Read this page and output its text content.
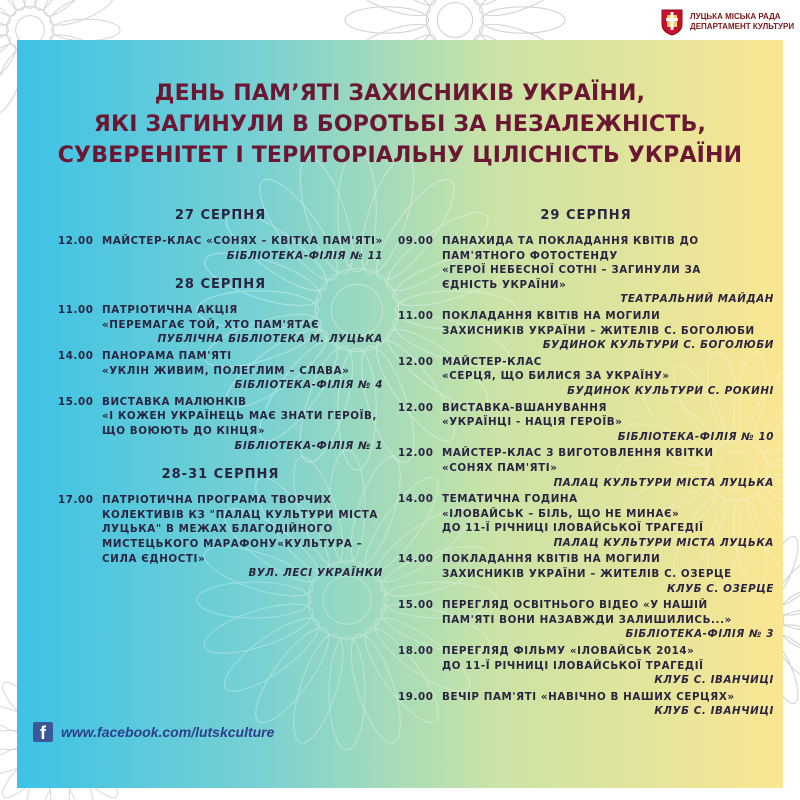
ЛУЦЬКА МІСЬКА РАДА
ДЕПАРТАМЕНТ КУЛЬТУРИ
ДЕНЬ ПАМ’ЯТІ ЗАХИСНИКІВ УКРАЇНИ,
ЯКІ ЗАГИНУЛИ В БОРОТЬБІ ЗА НЕЗАЛЕЖНІСТЬ,
СУВЕРЕНІТЕТ І ТЕРИТОРІАЛЬНУ ЦІЛІСНІСТЬ УКРАЇНИ
27 СЕРПНЯ
12.00 МАЙСТЕР-КЛАС «СОНЯХ – КВІТКА ПАМ'ЯТІ»
БІБЛІОТЕКА-ФІЛІЯ № 11
28 СЕРПНЯ
11.00 ПАТРІОТИЧНА АКЦІЯ
«ПЕРЕМАГАЄ ТОЙ, ХТО ПАМ'ЯТАЄ
ПУБЛІЧНА БІБЛІОТЕКА М. ЛУЦЬКА
14.00 ПАНОРАМА ПАМ'ЯТІ
«УКЛІН ЖИВИМ, ПОЛЕГЛИМ – СЛАВА»
БІБЛІОТЕКА-ФІЛІЯ № 4
15.00 ВИСТАВКА МАЛЮНКІВ
«І КОЖЕН УКРАЇНЕЦЬ МАЄ ЗНАТИ ГЕРОЇВ,
ЩО ВОЮЮТЬ ДО КІНЦЯ»
БІБЛІОТЕКА-ФІЛІЯ № 1
28-31 СЕРПНЯ
17.00 ПАТРІОТИЧНА ПРОГРАМА ТВОРЧИХ
КОЛЕКТИВІВ КЗ "ПАЛАЦ КУЛЬТУРИ МІСТА
ЛУЦЬКА" В МЕЖАХ БЛАГОДІЙНОГО
МИСТЕЦЬКОГО МАРАФОНУ«КУЛЬТУРА –
СИЛА ЄДНОСТІ»
ВУЛ. ЛЕСІ УКРАЇНКИ
29 СЕРПНЯ
09.00 ПАНАХИДА ТА ПОКЛАДАННЯ КВІТІВ ДО
ПАМ'ЯТНОГО ФОТОСТЕНДУ
«ГЕРОЇ НЕБЕСНОЇ СОТНІ – ЗАГИНУЛИ ЗА
ЄДНІСТЬ УКРАЇНИ»
ТЕАТРАЛЬНИЙ МАЙДАН
11.00 ПОКЛАДАННЯ КВІТІВ НА МОГИЛИ
ЗАХИСНИКІВ УКРАЇНИ – ЖИТЕЛІВ С. БОГОЛЮБИ
БУДИНОК КУЛЬТУРИ С. БОГОЛЮБИ
12.00 МАЙСТЕР-КЛАС
«СЕРЦЯ, ЩО БИЛИСЯ ЗА УКРАЇНУ»
БУДИНОК КУЛЬТУРИ С. РОКИНІ
12.00 ВИСТАВКА-ВШАНУВАННЯ
«УКРАЇНЦІ - НАЦІЯ ГЕРОЇВ»
БІБЛІОТЕКА-ФІЛІЯ № 10
12.00 МАЙСТЕР-КЛАС З ВИГОТОВЛЕННЯ КВІТКИ
«СОНЯХ ПАМ'ЯТІ»
ПАЛАЦ КУЛЬТУРИ МІСТА ЛУЦЬКА
14.00 ТЕМАТИЧНА ГОДИНА
«ІЛОВАЙСЬК – БІЛЬ, ЩО НЕ МИНАЄ»
ДО 11-Ї РІЧНИЦІ ІЛОВАЙСЬКОЇ ТРАГЕДІЇ
ПАЛАЦ КУЛЬТУРИ МІСТА ЛУЦЬКА
14.00 ПОКЛАДАННЯ КВІТІВ НА МОГИЛИ
ЗАХИСНИКІВ УКРАЇНИ – ЖИТЕЛІВ С. ОЗЕРЦЕ
КЛУБ С. ОЗЕРЦЕ
15.00 ПЕРЕГЛЯД ОСВІТНЬОГО ВІДЕО «У НАШІЙ
ПАМ'ЯТІ ВОНИ НАЗАВЖДИ ЗАЛИШИЛИСЬ...»
БІБЛІОТЕКА-ФІЛІЯ № 3
18.00 ПЕРЕГЛЯД ФІЛЬМУ «ІЛОВАЙСЬК 2014»
ДО 11-Ї РІЧНИЦІ ІЛОВАЙСЬКОЇ ТРАГЕДІЇ
КЛУБ С. ІВАНЧИЦІ
19.00 ВЕЧІР ПАМ'ЯТІ «НАВІЧНО В НАШИХ СЕРЦЯХ»
КЛУБ С. ІВАНЧИЦІ
f	www.facebook.com/lutskculture
